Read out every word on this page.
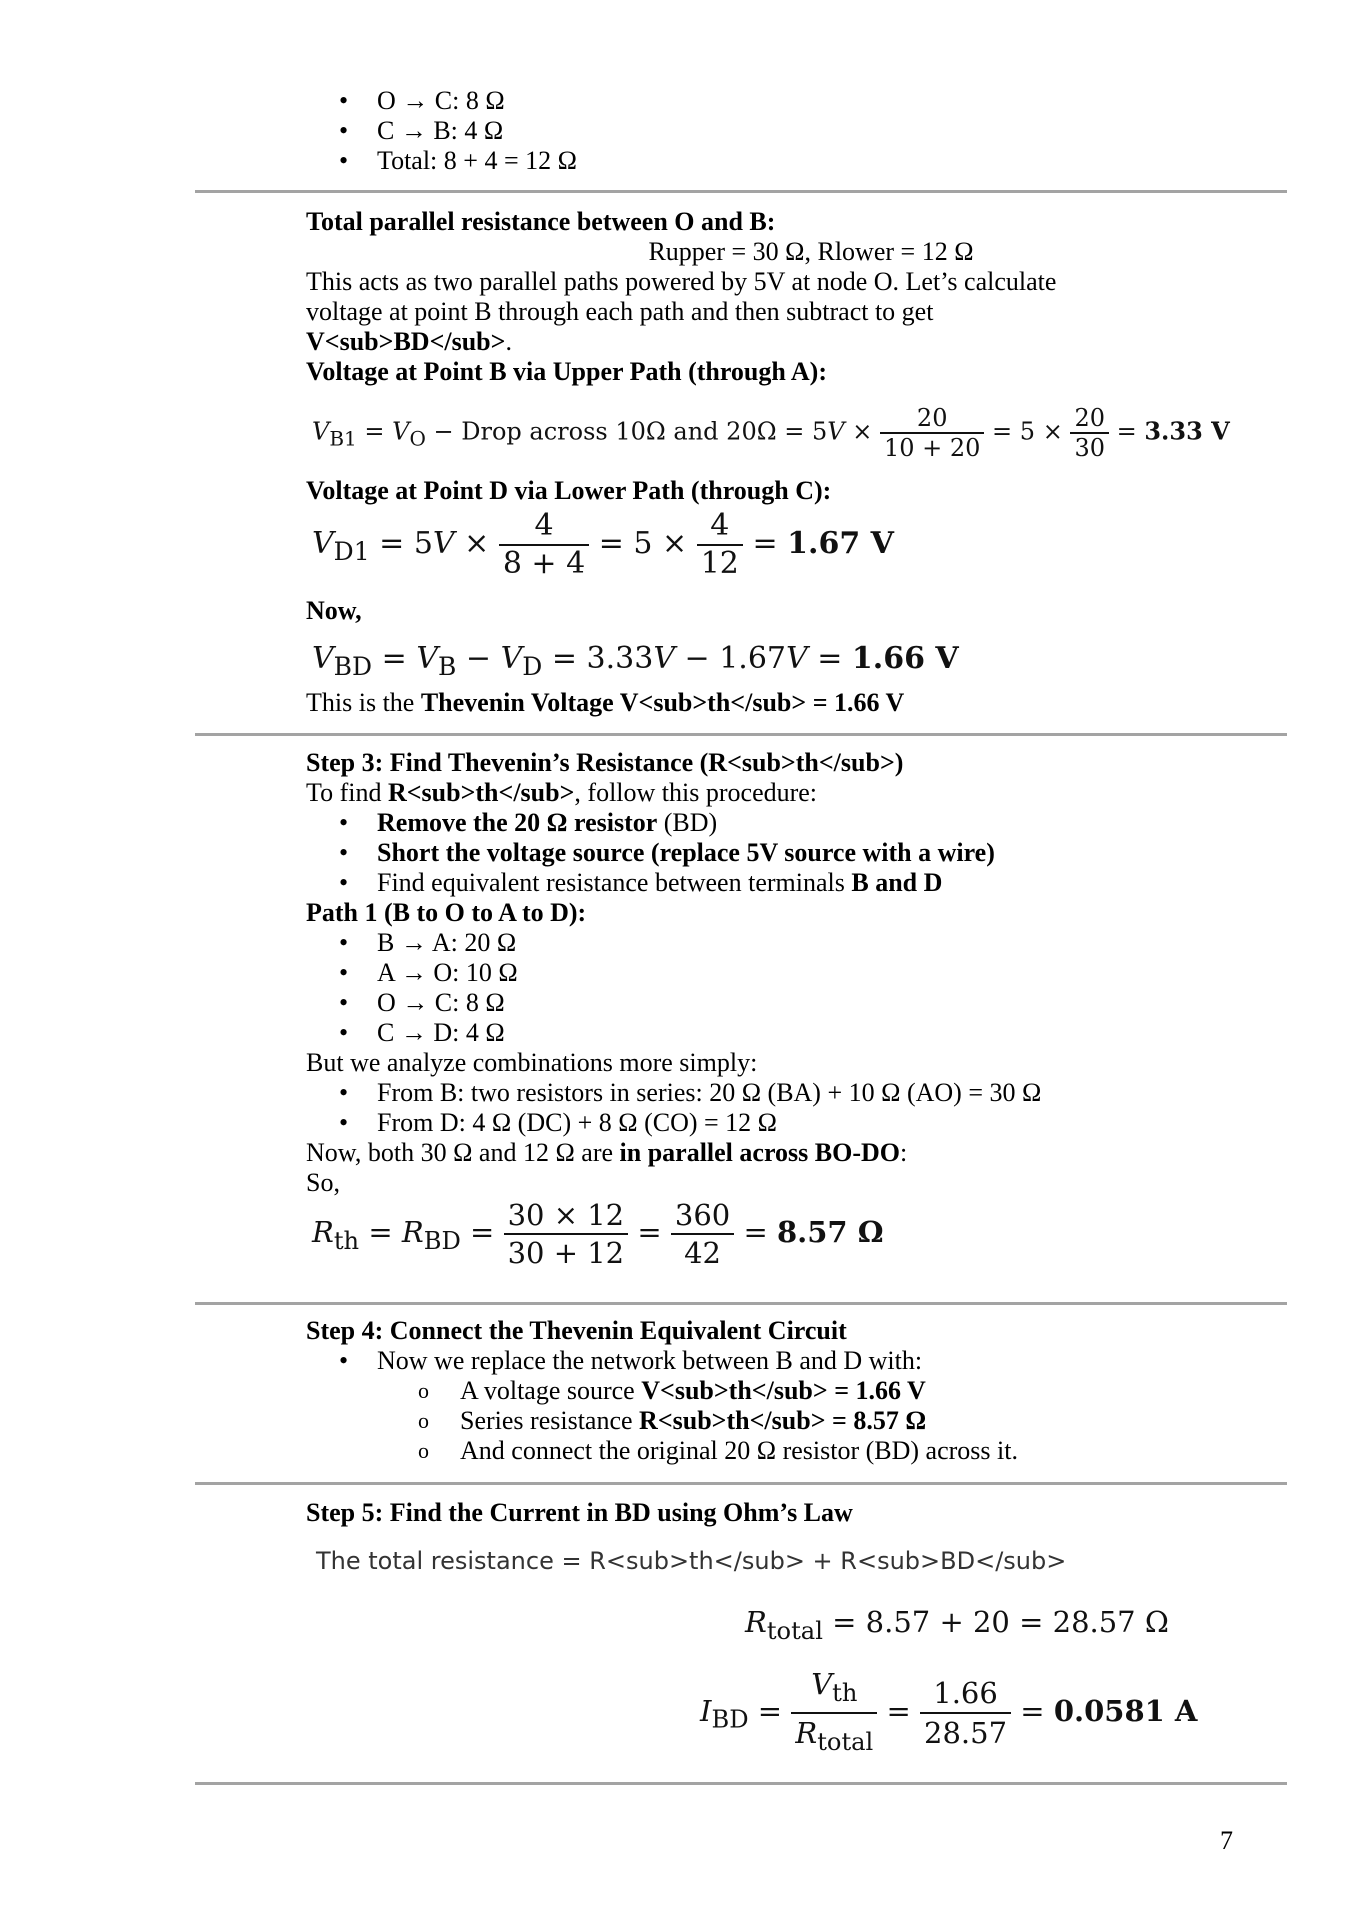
• O → C: 8 Ω
• C → B: 4 Ω
• Total: 8 + 4 = 12 Ω
Total parallel resistance between O and B:
Rupper = 30 Ω, Rlower = 12 Ω
This acts as two parallel paths powered by 5V at node O. Let’s calculate
voltage at point B through each path and then subtract to get
V<sub>BD</sub>.
Voltage at Point B via Upper Path (through A):
$V_{B1} = V_O$ − Drop across 10Ω and $20\Omega = 5V \times \frac{20}{10 + 20} = 5 \times \frac{20}{30} = 3.33$ V
Voltage at Point D via Lower Path (through C):
$V_{D1} = 5V \times \frac{4}{8 + 4} = 5 \times \frac{4}{12} = 1.67$ V
Now,
$V_{BD} = V_B - V_D = 3.33V - 1.67V = 1.66$ V
This is the Thevenin Voltage V<sub>th</sub> = 1.66 V
Step 3: Find Thevenin’s Resistance (R<sub>th</sub>)
To find R<sub>th</sub>, follow this procedure:
• Remove the 20 Ω resistor (BD)
• Short the voltage source (replace 5V source with a wire)
• Find equivalent resistance between terminals B and D
Path 1 (B to O to A to D):
• B → A: 20 Ω
• A → O: 10 Ω
• O → C: 8 Ω
• C → D: 4 Ω
But we analyze combinations more simply:
• From B: two resistors in series: 20 Ω (BA) + 10 Ω (AO) = 30 Ω
• From D: 4 Ω (DC) + 8 Ω (CO) = 12 Ω
Now, both 30 Ω and 12 Ω are in parallel across BO-DO:
So,
$R_{th} = R_{BD} = \frac{30 \times 12}{30 + 12} = \frac{360}{42} = 8.57$ Ω
Step 4: Connect the Thevenin Equivalent Circuit
• Now we replace the network between B and D with:
o A voltage source V<sub>th</sub> = 1.66 V
o Series resistance R<sub>th</sub> = 8.57 Ω
o And connect the original 20 Ω resistor (BD) across it.
Step 5: Find the Current in BD using Ohm’s Law
The total resistance = R<sub>th</sub> + R<sub>BD</sub>
$R_{total} = 8.57 + 20 = 28.57$ Ω
$I_{BD} = \frac{V_{th}}{R_{total}} = \frac{1.66}{28.57} = 0.0581$ A
7
